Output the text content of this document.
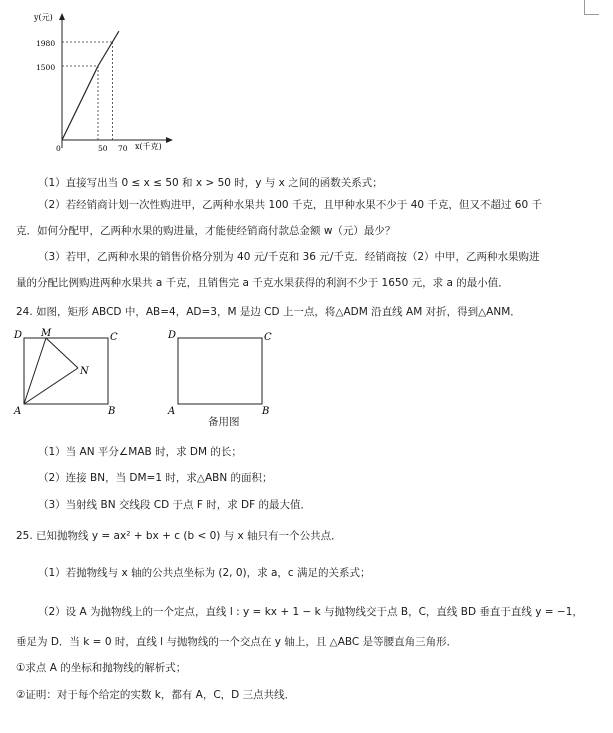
y(元)
x(千克)
1980
1500
0	50 70
（1）直接写出当 0 ≤ x ≤ 50 和 x > 50 时，y 与 x 之间的函数关系式；
（2）若经销商计划一次性购进甲，乙两种水果共 100 千克，且甲种水果不少于 40 千克，但又不超过 60 千
克．如何分配甲，乙两种水果的购进量，才能使经销商付款总金额 w（元）最少？
（3）若甲，乙两种水果的销售价格分别为 40 元/千克和 36 元/千克．经销商按（2）中甲，乙两种水果购进
量的分配比例购进两种水果共 a 千克，且销售完 a 千克水果获得的利润不少于 1650 元，求 a 的最小值．
24. 如图，矩形 ABCD 中，AB=4，AD=3，M 是边 CD 上一点，将△ADM 沿直线 AM 对折，得到△ANM．
D M	C
N
A	B
D	C
A	B
备用图
（1）当 AN 平分∠MAB 时，求 DM 的长；
（2）连接 BN，当 DM=1 时，求△ABN 的面积；
（3）当射线 BN 交线段 CD 于点 F 时，求 DF 的最大值．
25. 已知抛物线 y = ax² + bx + c (b < 0) 与 x 轴只有一个公共点．
（1）若抛物线与 x 轴的公共点坐标为 (2, 0)，求 a，c 满足的关系式；
（2）设 A 为抛物线上的一个定点，直线 l : y = kx + 1 − k 与抛物线交于点 B，C，直线 BD 垂直于直线 y = −1，
垂足为 D．当 k = 0 时，直线 l 与抛物线的一个交点在 y 轴上，且 △ABC 是等腰直角三角形．
①求点 A 的坐标和抛物线的解析式；
②证明：对于每个给定的实数 k，都有 A，C，D 三点共线．
